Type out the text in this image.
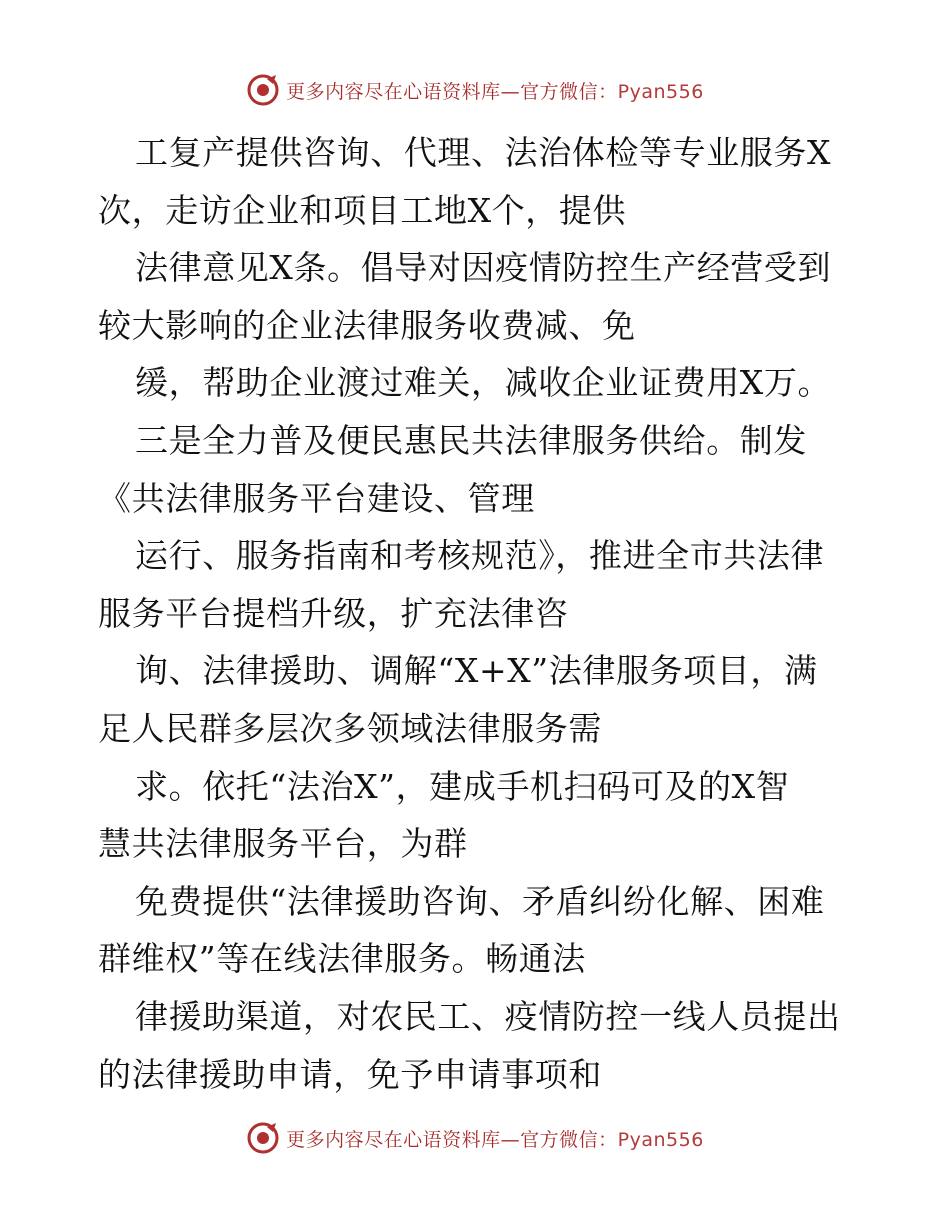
更多内容尽在心语资料库—官方微信：Pyan556
工复产提供咨询、代理、法治体检等专业服务X
次，走访企业和项目工地X个，提供
法律意见X条。倡导对因疫情防控生产经营受到
较大影响的企业法律服务收费减、免
缓，帮助企业渡过难关，减收企业证费用X万。
三是全力普及便民惠民共法律服务供给。制发
《共法律服务平台建设、管理
运行、服务指南和考核规范》，推进全市共法律
服务平台提档升级，扩充法律咨
询、法律援助、调解“X+X”法律服务项目，满
足人民群多层次多领域法律服务需
求。依托“法治X”，建成手机扫码可及的X智
慧共法律服务平台，为群
免费提供“法律援助咨询、矛盾纠纷化解、困难
群维权”等在线法律服务。畅通法
律援助渠道，对农民工、疫情防控一线人员提出
的法律援助申请，免予申请事项和
更多内容尽在心语资料库—官方微信：Pyan556
